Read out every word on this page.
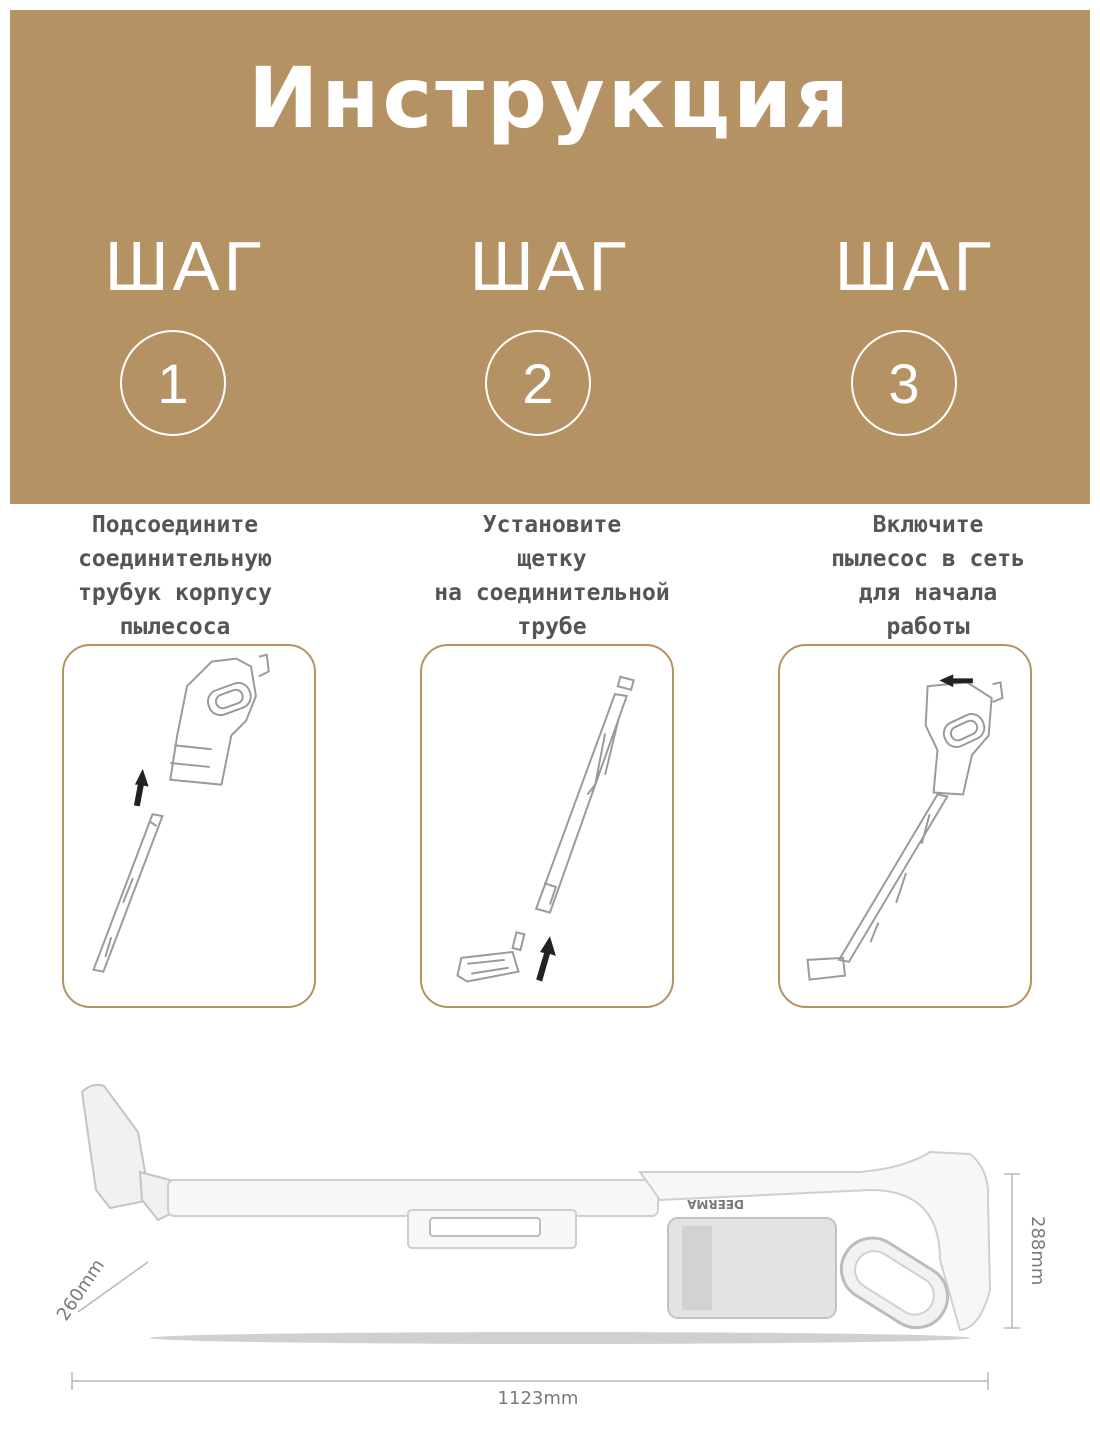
Инструкция
ШАГ	ШАГ	ШАГ
1	2	3
Подсоедините
соединительную
трубук корпусу
пылесоса
Установите
щетку
на соединительной
трубе
Включите
пылесос в сеть
для начала
работы
DEERMA
1123mm
260mm
288mm
